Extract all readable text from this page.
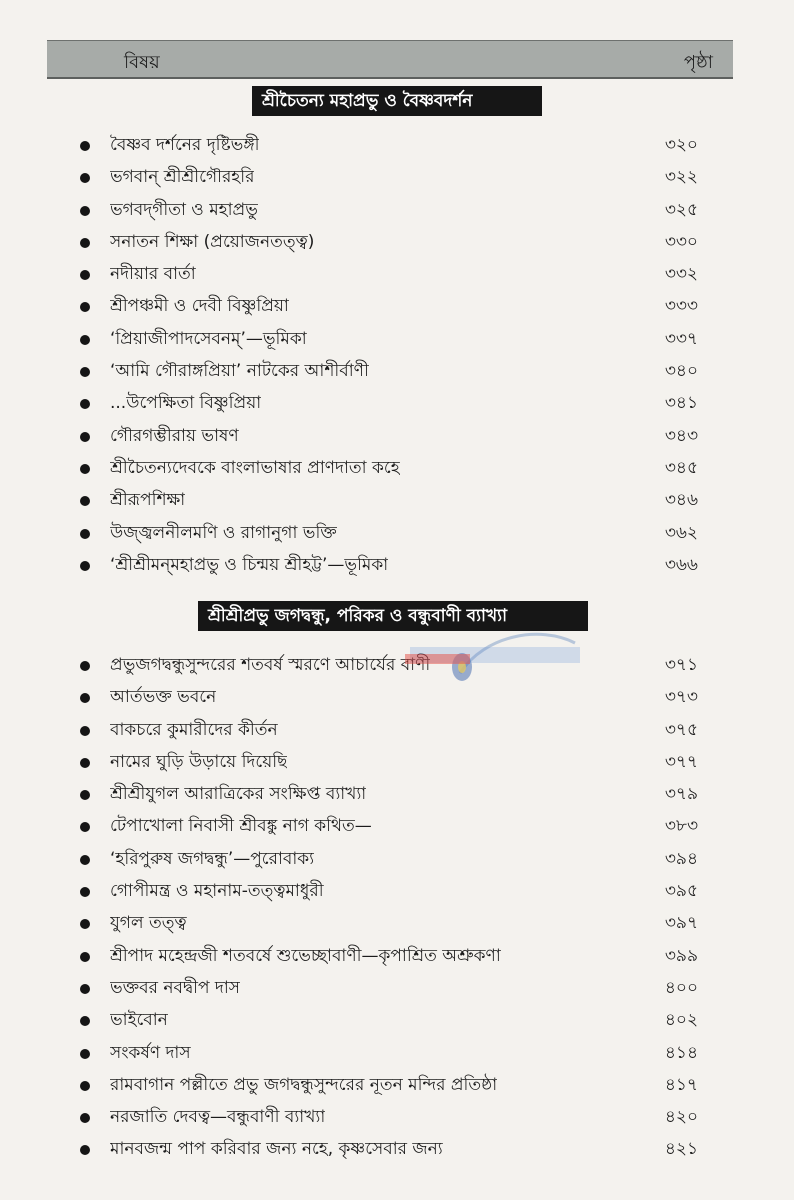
বিষয়	পৃষ্ঠা
শ্রীচৈতন্য মহাপ্রভু ও বৈষ্ণবদর্শন
বৈষ্ণব দর্শনের দৃষ্টিভঙ্গী	৩২০
ভগবান্ শ্রীশ্রীগৌরহরি	৩২২
ভগবদ্‌গীতা ও মহাপ্রভু	৩২৫
সনাতন শিক্ষা (প্রয়োজনতত্ত্ব)	৩৩০
নদীয়ার বার্তা	৩৩২
শ্রীপঞ্চমী ও দেবী বিষ্ণুপ্রিয়া	৩৩৩
‘প্রিয়াজীপাদসেবনম্’—ভূমিকা	৩৩৭
‘আমি গৌরাঙ্গপ্রিয়া’ নাটকের আশীর্বাণী	৩৪০
...উপেক্ষিতা বিষ্ণুপ্রিয়া	৩৪১
গৌরগম্ভীরায় ভাষণ	৩৪৩
শ্রীচৈতন্যদেবকে বাংলাভাষার প্রাণদাতা কহে	৩৪৫
শ্রীরূপশিক্ষা	৩৪৬
উজ্জ্বলনীলমণি ও রাগানুগা ভক্তি	৩৬২
‘শ্রীশ্রীমন্‌মহাপ্রভু ও চিন্ময় শ্রীহট্ট’—ভূমিকা	৩৬৬
শ্রীশ্রীপ্রভু জগদ্বন্ধু, পরিকর ও বন্ধুবাণী ব্যাখ্যা
প্রভুজগদ্বন্ধুসুন্দরের শতবর্ষ স্মরণে আচার্যের বাণী	৩৭১
আর্তভক্ত ভবনে	৩৭৩
বাকচরে কুমারীদের কীর্তন	৩৭৫
নামের ঘুড়ি উড়ায়ে দিয়েছি	৩৭৭
শ্রীশ্রীযুগল আরাত্রিকের সংক্ষিপ্ত ব্যাখ্যা	৩৭৯
টেপাখোলা নিবাসী শ্রীবঙ্কু নাগ কথিত—	৩৮৩
‘হরিপুরুষ জগদ্বন্ধু’—পুরোবাক্য	৩৯৪
গোপীমন্ত্র ও মহানাম-তত্ত্বমাধুরী	৩৯৫
যুগল তত্ত্ব	৩৯৭
শ্রীপাদ মহেন্দ্রজী শতবর্ষে শুভেচ্ছাবাণী—কৃপাশ্রিত অশ্রুকণা	৩৯৯
ভক্তবর নবদ্বীপ দাস	৪০০
ভাইবোন	৪০২
সংকর্ষণ দাস	৪১৪
রামবাগান পল্লীতে প্রভু জগদ্বন্ধুসুন্দরের নূতন মন্দির প্রতিষ্ঠা	৪১৭
নরজাতি দেবত্ব—বন্ধুবাণী ব্যাখ্যা	৪২০
মানবজন্ম পাপ করিবার জন্য নহে, কৃষ্ণসেবার জন্য	৪২১
